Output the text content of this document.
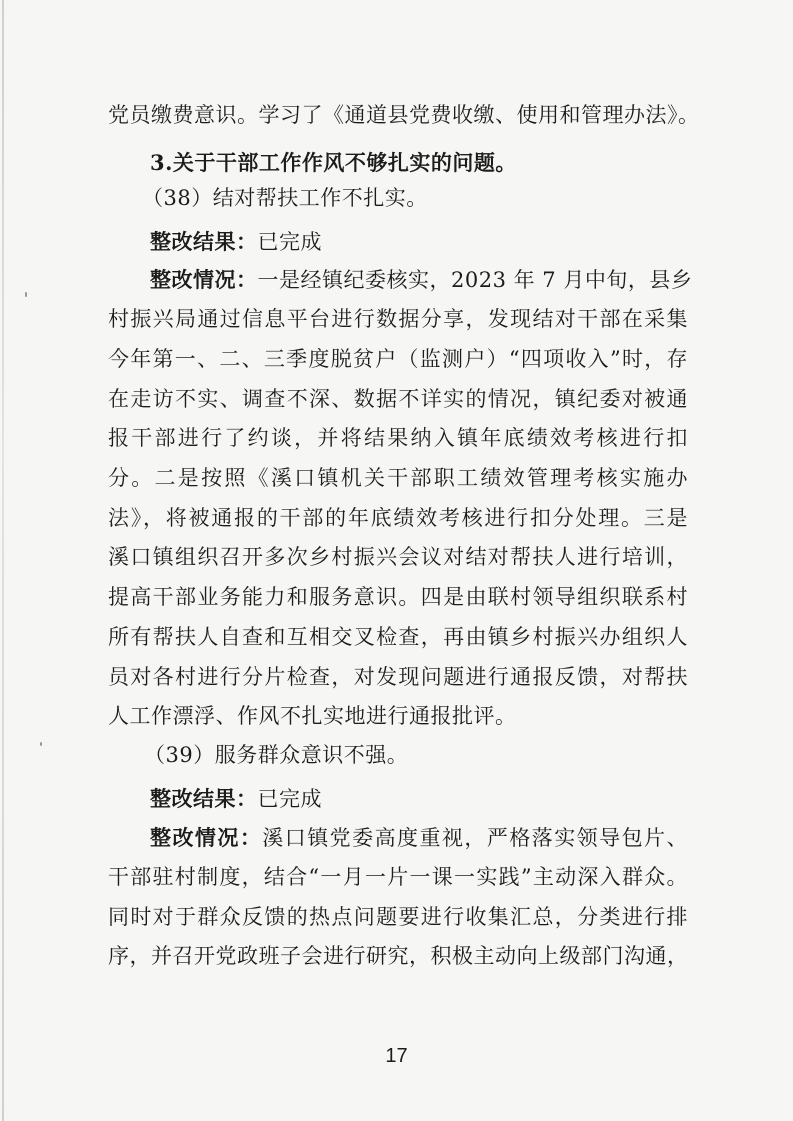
党员缴费意识。学习了《通道县党费收缴、使用和管理办法》。
3.关于干部工作作风不够扎实的问题。
（38）结对帮扶工作不扎实。
整改结果：已完成
整改情况：一是经镇纪委核实，2023 年 7 月中旬，县乡
村振兴局通过信息平台进行数据分享，发现结对干部在采集
今年第一、二、三季度脱贫户（监测户）“四项收入”时，存
在走访不实、调查不深、数据不详实的情况，镇纪委对被通
报干部进行了约谈，并将结果纳入镇年底绩效考核进行扣
分。二是按照《溪口镇机关干部职工绩效管理考核实施办
法》，将被通报的干部的年底绩效考核进行扣分处理。三是
溪口镇组织召开多次乡村振兴会议对结对帮扶人进行培训，
提高干部业务能力和服务意识。四是由联村领导组织联系村
所有帮扶人自查和互相交叉检查，再由镇乡村振兴办组织人
员对各村进行分片检查，对发现问题进行通报反馈，对帮扶
人工作漂浮、作风不扎实地进行通报批评。
（39）服务群众意识不强。
整改结果：已完成
整改情况：溪口镇党委高度重视，严格落实领导包片、
干部驻村制度，结合“一月一片一课一实践”主动深入群众。
同时对于群众反馈的热点问题要进行收集汇总，分类进行排
序，并召开党政班子会进行研究，积极主动向上级部门沟通，
17
